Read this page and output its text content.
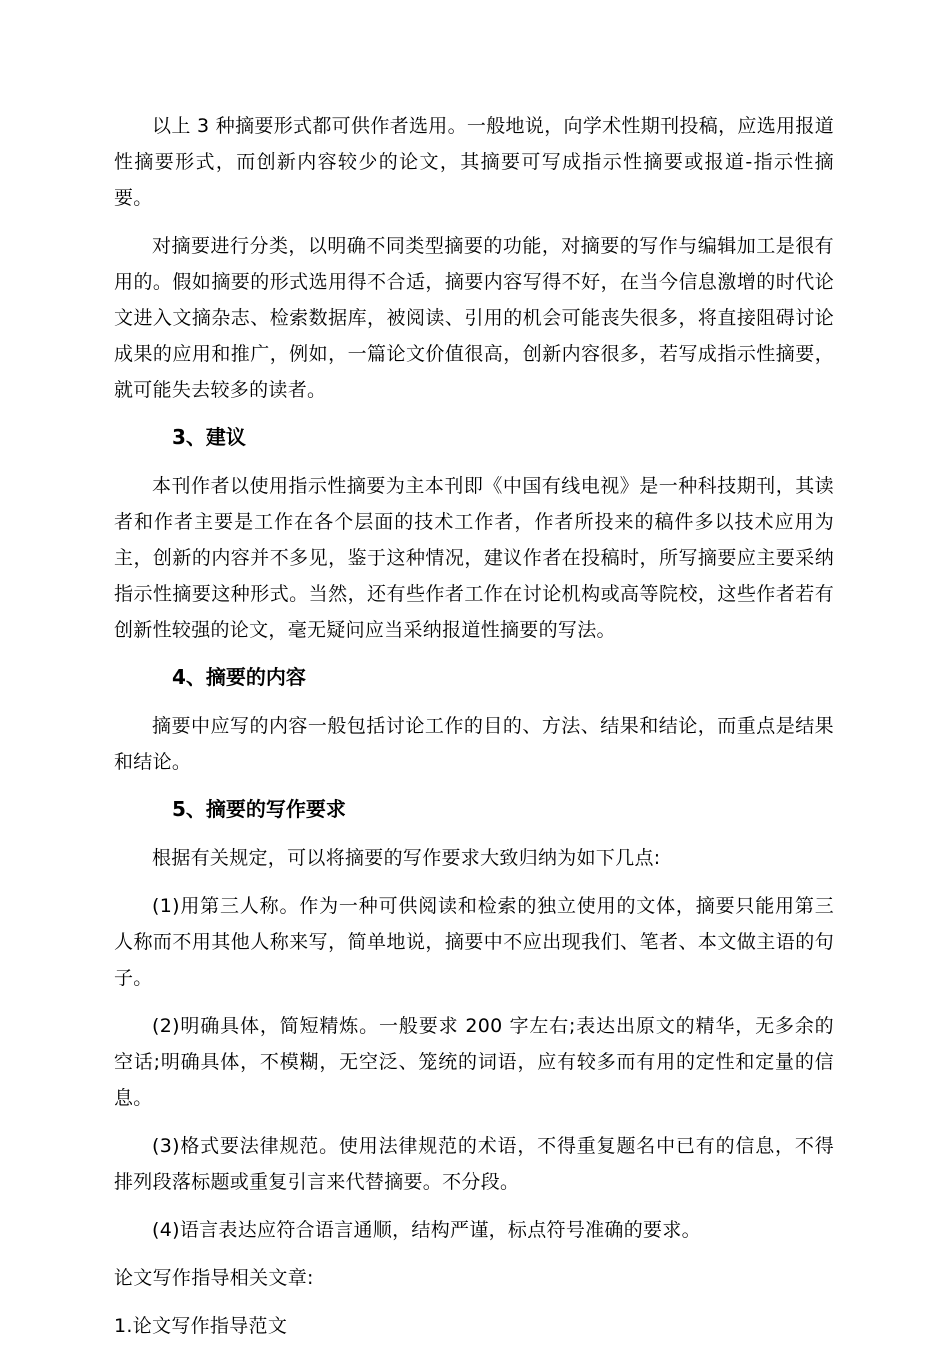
以上 3 种摘要形式都可供作者选用。一般地说，向学术性期刊投稿，应选用报道性摘要形式，而创新内容较少的论文，其摘要可写成指示性摘要或报道-指示性摘要。

对摘要进行分类，以明确不同类型摘要的功能，对摘要的写作与编辑加工是很有用的。假如摘要的形式选用得不合适，摘要内容写得不好，在当今信息激增的时代论文进入文摘杂志、检索数据库，被阅读、引用的机会可能丧失很多，将直接阻碍讨论成果的应用和推广，例如，一篇论文价值很高，创新内容很多，若写成指示性摘要，就可能失去较多的读者。

3、建议

本刊作者以使用指示性摘要为主本刊即《中国有线电视》是一种科技期刊，其读者和作者主要是工作在各个层面的技术工作者，作者所投来的稿件多以技术应用为主，创新的内容并不多见，鉴于这种情况，建议作者在投稿时，所写摘要应主要采纳指示性摘要这种形式。当然，还有些作者工作在讨论机构或高等院校，这些作者若有创新性较强的论文，毫无疑问应当采纳报道性摘要的写法。

4、摘要的内容

摘要中应写的内容一般包括讨论工作的目的、方法、结果和结论，而重点是结果和结论。

5、摘要的写作要求

根据有关规定，可以将摘要的写作要求大致归纳为如下几点:

(1)用第三人称。作为一种可供阅读和检索的独立使用的文体，摘要只能用第三人称而不用其他人称来写，简单地说，摘要中不应出现我们、笔者、本文做主语的句子。

(2)明确具体，简短精炼。一般要求 200 字左右;表达出原文的精华，无多余的空话;明确具体，不模糊，无空泛、笼统的词语，应有较多而有用的定性和定量的信息。

(3)格式要法律规范。使用法律规范的术语，不得重复题名中已有的信息，不得排列段落标题或重复引言来代替摘要。不分段。

(4)语言表达应符合语言通顺，结构严谨，标点符号准确的要求。

论文写作指导相关文章:

1.论文写作指导范文
